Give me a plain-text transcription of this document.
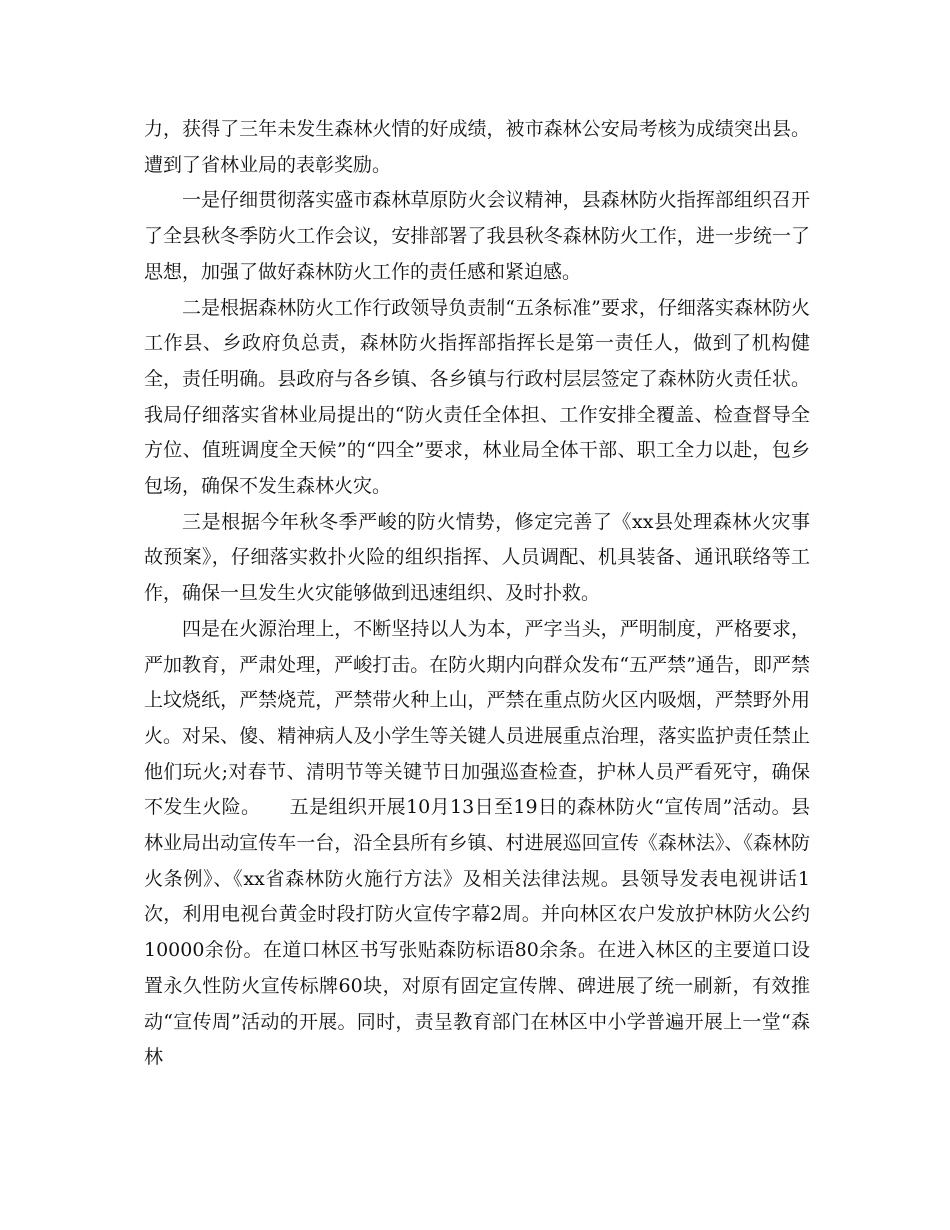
力，获得了三年未发生森林火情的好成绩，被市森林公安局考核为成绩突出县。遭到了省林业局的表彰奖励。

一是仔细贯彻落实盛市森林草原防火会议精神，县森林防火指挥部组织召开了全县秋冬季防火工作会议，安排部署了我县秋冬森林防火工作，进一步统一了思想，加强了做好森林防火工作的责任感和紧迫感。

二是根据森林防火工作行政领导负责制“五条标准”要求，仔细落实森林防火工作县、乡政府负总责，森林防火指挥部指挥长是第一责任人，做到了机构健全，责任明确。县政府与各乡镇、各乡镇与行政村层层签定了森林防火责任状。我局仔细落实省林业局提出的“防火责任全体担、工作安排全覆盖、检查督导全方位、值班调度全天候”的“四全”要求，林业局全体干部、职工全力以赴，包乡包场，确保不发生森林火灾。

三是根据今年秋冬季严峻的防火情势，修定完善了《xx县处理森林火灾事故预案》，仔细落实救扑火险的组织指挥、人员调配、机具装备、通讯联络等工作，确保一旦发生火灾能够做到迅速组织、及时扑救。

四是在火源治理上，不断坚持以人为本，严字当头，严明制度，严格要求，严加教育，严肃处理，严峻打击。在防火期内向群众发布“五严禁”通告，即严禁上坟烧纸，严禁烧荒，严禁带火种上山，严禁在重点防火区内吸烟，严禁野外用火。对呆、傻、精神病人及小学生等关键人员进展重点治理，落实监护责任禁止他们玩火;对春节、清明节等关键节日加强巡查检查，护林人员严看死守，确保不发生火险。　　五是组织开展10月13日至19日的森林防火“宣传周”活动。县林业局出动宣传车一台，沿全县所有乡镇、村进展巡回宣传《森林法》、《森林防火条例》、《xx省森林防火施行方法》及相关法律法规。县领导发表电视讲话1次，利用电视台黄金时段打防火宣传字幕2周。并向林区农户发放护林防火公约10000余份。在道口林区书写张贴森防标语80余条。在进入林区的主要道口设置永久性防火宣传标牌60块，对原有固定宣传牌、碑进展了统一刷新，有效推动“宣传周”活动的开展。同时，责呈教育部门在林区中小学普遍开展上一堂“森林
